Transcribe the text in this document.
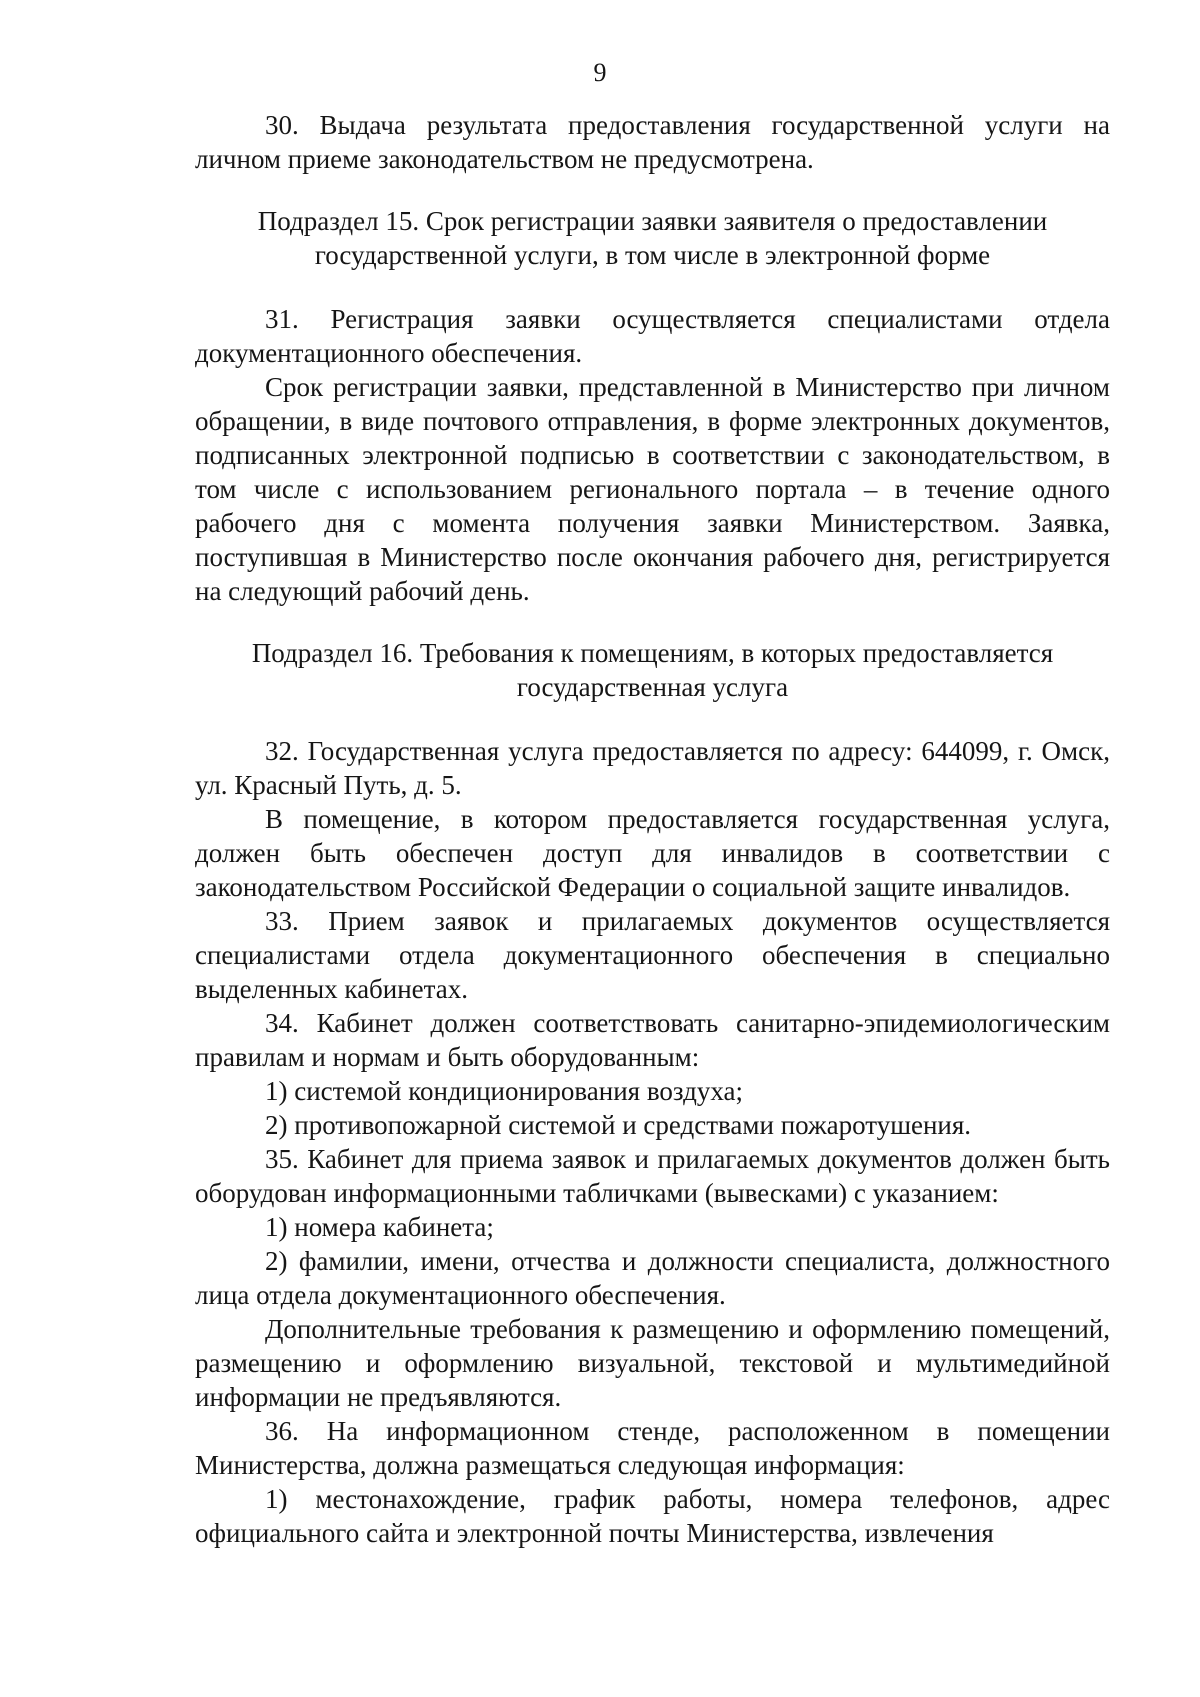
9

30. Выдача результата предоставления государственной услуги на личном приеме законодательством не предусмотрена.

Подраздел 15. Срок регистрации заявки заявителя о предоставлении государственной услуги, в том числе в электронной форме

31. Регистрация заявки осуществляется специалистами отдела документационного обеспечения.

Срок регистрации заявки, представленной в Министерство при личном обращении, в виде почтового отправления, в форме электронных документов, подписанных электронной подписью в соответствии с законодательством, в том числе с использованием регионального портала – в течение одного рабочего дня с момента получения заявки Министерством. Заявка, поступившая в Министерство после окончания рабочего дня, регистрируется на следующий рабочий день.

Подраздел 16. Требования к помещениям, в которых предоставляется государственная услуга

32. Государственная услуга предоставляется по адресу: 644099, г. Омск, ул. Красный Путь, д. 5.

В помещение, в котором предоставляется государственная услуга, должен быть обеспечен доступ для инвалидов в соответствии с законодательством Российской Федерации о социальной защите инвалидов.

33. Прием заявок и прилагаемых документов осуществляется специалистами отдела документационного обеспечения в специально выделенных кабинетах.

34. Кабинет должен соответствовать санитарно-эпидемиологическим правилам и нормам и быть оборудованным:

1) системой кондиционирования воздуха;

2) противопожарной системой и средствами пожаротушения.

35. Кабинет для приема заявок и прилагаемых документов должен быть оборудован информационными табличками (вывесками) с указанием:

1) номера кабинета;

2) фамилии, имени, отчества и должности специалиста, должностного лица отдела документационного обеспечения.

Дополнительные требования к размещению и оформлению помещений, размещению и оформлению визуальной, текстовой и мультимедийной информации не предъявляются.

36. На информационном стенде, расположенном в помещении Министерства, должна размещаться следующая информация:

1) местонахождение, график работы, номера телефонов, адрес официального сайта и электронной почты Министерства, извлечения
